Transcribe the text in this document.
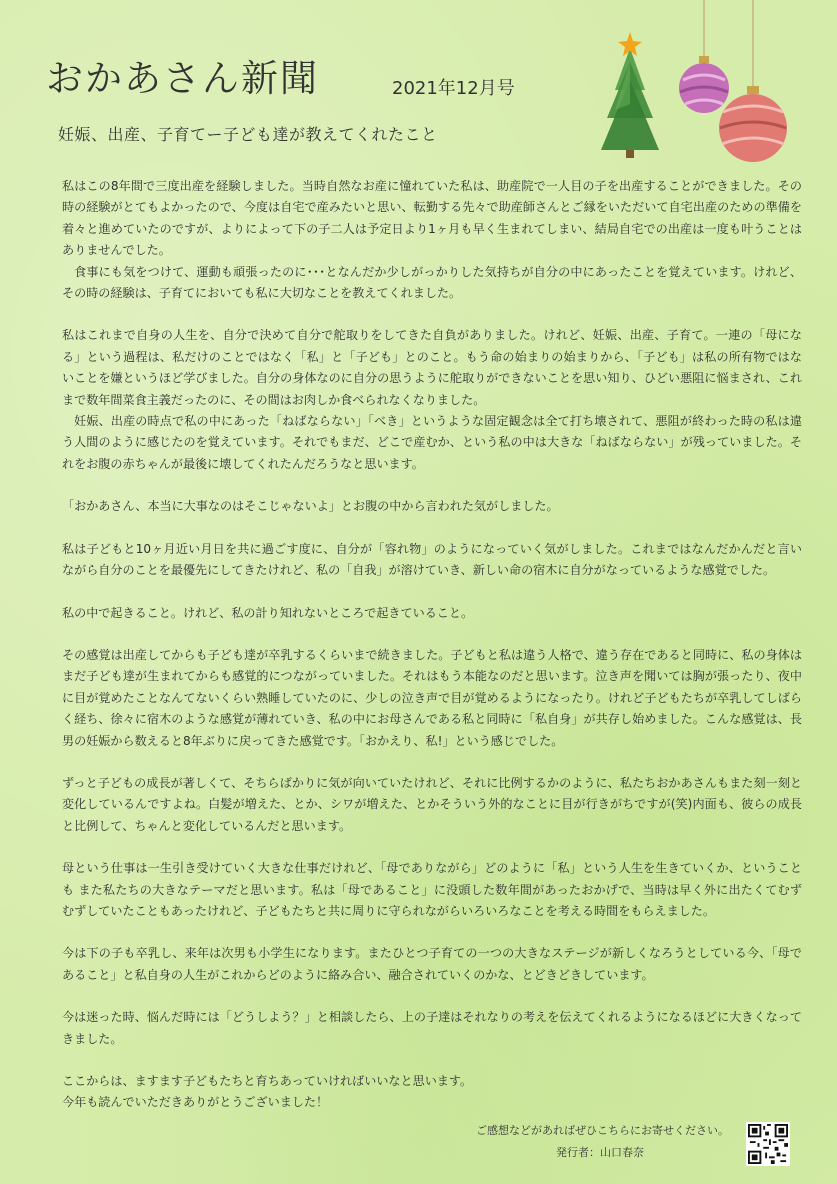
おかあさん新聞	2021年12月号
妊娠、出産、子育てー子ども達が教えてくれたこと

私はこの8年間で三度出産を経験しました。当時自然なお産に憧れていた私は、助産院で一人目の子を出産することができました。その時の経験がとてもよかったので、今度は自宅で産みたいと思い、転勤する先々で助産師さんとご縁をいただいて自宅出産のための準備を着々と進めていたのですが、よりによって下の子二人は予定日より1ヶ月も早く生まれてしまい、結局自宅での出産は一度も叶うことはありませんでした。

食事にも気をつけて、運動も頑張ったのに･･･となんだか少しがっかりした気持ちが自分の中にあったことを覚えています。けれど、その時の経験は、子育てにおいても私に大切なことを教えてくれました。

私はこれまで自身の人生を、自分で決めて自分で舵取りをしてきた自負がありました。けれど、妊娠、出産、子育て。一連の「母になる」という過程は、私だけのことではなく「私」と「子ども」とのこと。もう命の始まりの始まりから、「子ども」は私の所有物ではないことを嫌というほど学びました。自分の身体なのに自分の思うように舵取りができないことを思い知り、ひどい悪阻に悩まされ、これまで数年間菜食主義だったのに、その間はお肉しか食べられなくなりました。

妊娠、出産の時点で私の中にあった「ねばならない」「べき」というような固定観念は全て打ち壊されて、悪阻が終わった時の私は違う人間のように感じたのを覚えています。それでもまだ、どこで産むか、という私の中は大きな「ねばならない」が残っていました。それをお腹の赤ちゃんが最後に壊してくれたんだろうなと思います。

「おかあさん、本当に大事なのはそこじゃないよ」とお腹の中から言われた気がしました。

私は子どもと10ヶ月近い月日を共に過ごす度に、自分が「容れ物」のようになっていく気がしました。これまではなんだかんだと言いながら自分のことを最優先にしてきたけれど、私の「自我」が溶けていき、新しい命の宿木に自分がなっているような感覚でした。

私の中で起きること。けれど、私の計り知れないところで起きていること。

その感覚は出産してからも子ども達が卒乳するくらいまで続きました。子どもと私は違う人格で、違う存在であると同時に、私の身体はまだ子ども達が生まれてからも感覚的につながっていました。それはもう本能なのだと思います。泣き声を聞いては胸が張ったり、夜中に目が覚めたことなんてないくらい熟睡していたのに、少しの泣き声で目が覚めるようになったり。けれど子どもたちが卒乳してしばらく経ち、徐々に宿木のような感覚が薄れていき、私の中にお母さんである私と同時に「私自身」が共存し始めました。こんな感覚は、長男の妊娠から数えると8年ぶりに戻ってきた感覚です。「おかえり、私!」という感じでした。

ずっと子どもの成長が著しくて、そちらばかりに気が向いていたけれど、それに比例するかのように、私たちおかあさんもまた刻一刻と変化しているんですよね。白髪が増えた、とか、シワが増えた、とかそういう外的なことに目が行きがちですが(笑)内面も、彼らの成長と比例して、ちゃんと変化しているんだと思います。

母という仕事は一生引き受けていく大きな仕事だけれど、「母でありながら」どのように「私」という人生を生きていくか、ということも また私たちの大きなテーマだと思います。私は「母であること」に没頭した数年間があったおかげで、当時は早く外に出たくてむずむずしていたこともあったけれど、子どもたちと共に周りに守られながらいろいろなことを考える時間をもらえました。

今は下の子も卒乳し、来年は次男も小学生になります。またひとつ子育ての一つの大きなステージが新しくなろうとしている今、「母であること」と私自身の人生がこれからどのように絡み合い、融合されていくのかな、とどきどきしています。

今は迷った時、悩んだ時には「どうしよう？」と相談したら、上の子達はそれなりの考えを伝えてくれるようになるほどに大きくなってきました。

ここからは、ますます子どもたちと育ちあっていければいいなと思います。

今年も読んでいただきありがとうございました！

ご感想などがあればぜひこちらにお寄せください。
発行者：山口春奈
